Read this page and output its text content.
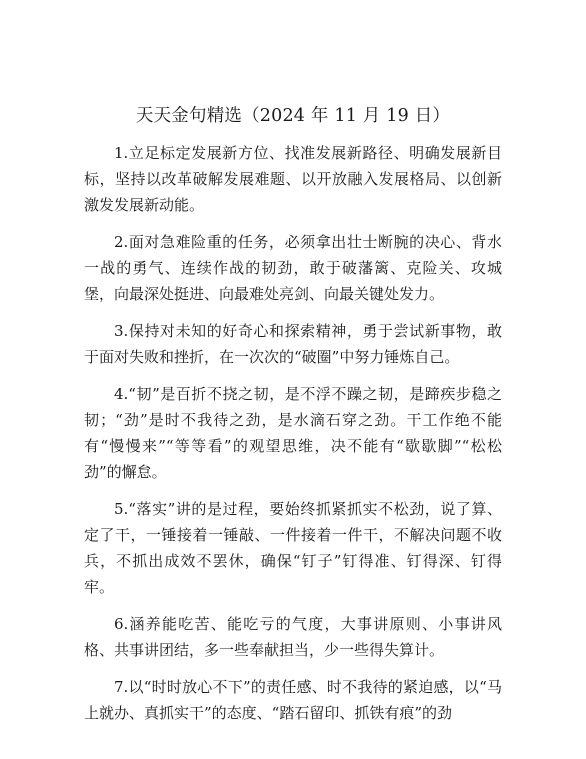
天天金句精选（2024 年 11 月 19 日）

1.立足标定发展新方位、找准发展新路径、明确发展新目标，坚持以改革破解发展难题、以开放融入发展格局、以创新激发发展新动能。

2.面对急难险重的任务，必须拿出壮士断腕的决心、背水一战的勇气、连续作战的韧劲，敢于破藩篱、克险关、攻城堡，向最深处挺进、向最难处亮剑、向最关键处发力。

3.保持对未知的好奇心和探索精神，勇于尝试新事物，敢于面对失败和挫折，在一次次的“破圈”中努力锤炼自己。

4.“韧”是百折不挠之韧，是不浮不躁之韧，是蹄疾步稳之韧；“劲”是时不我待之劲，是水滴石穿之劲。干工作绝不能有“慢慢来”“等等看”的观望思维，决不能有“歇歇脚”“松松劲”的懈怠。

5.“落实”讲的是过程，要始终抓紧抓实不松劲，说了算、定了干，一锤接着一锤敲、一件接着一件干，不解决问题不收兵，不抓出成效不罢休，确保“钉子”钉得准、钉得深、钉得牢。

6.涵养能吃苦、能吃亏的气度，大事讲原则、小事讲风格、共事讲团结，多一些奉献担当，少一些得失算计。

7.以“时时放心不下”的责任感、时不我待的紧迫感，以“马上就办、真抓实干”的态度、“踏石留印、抓铁有痕”的劲
